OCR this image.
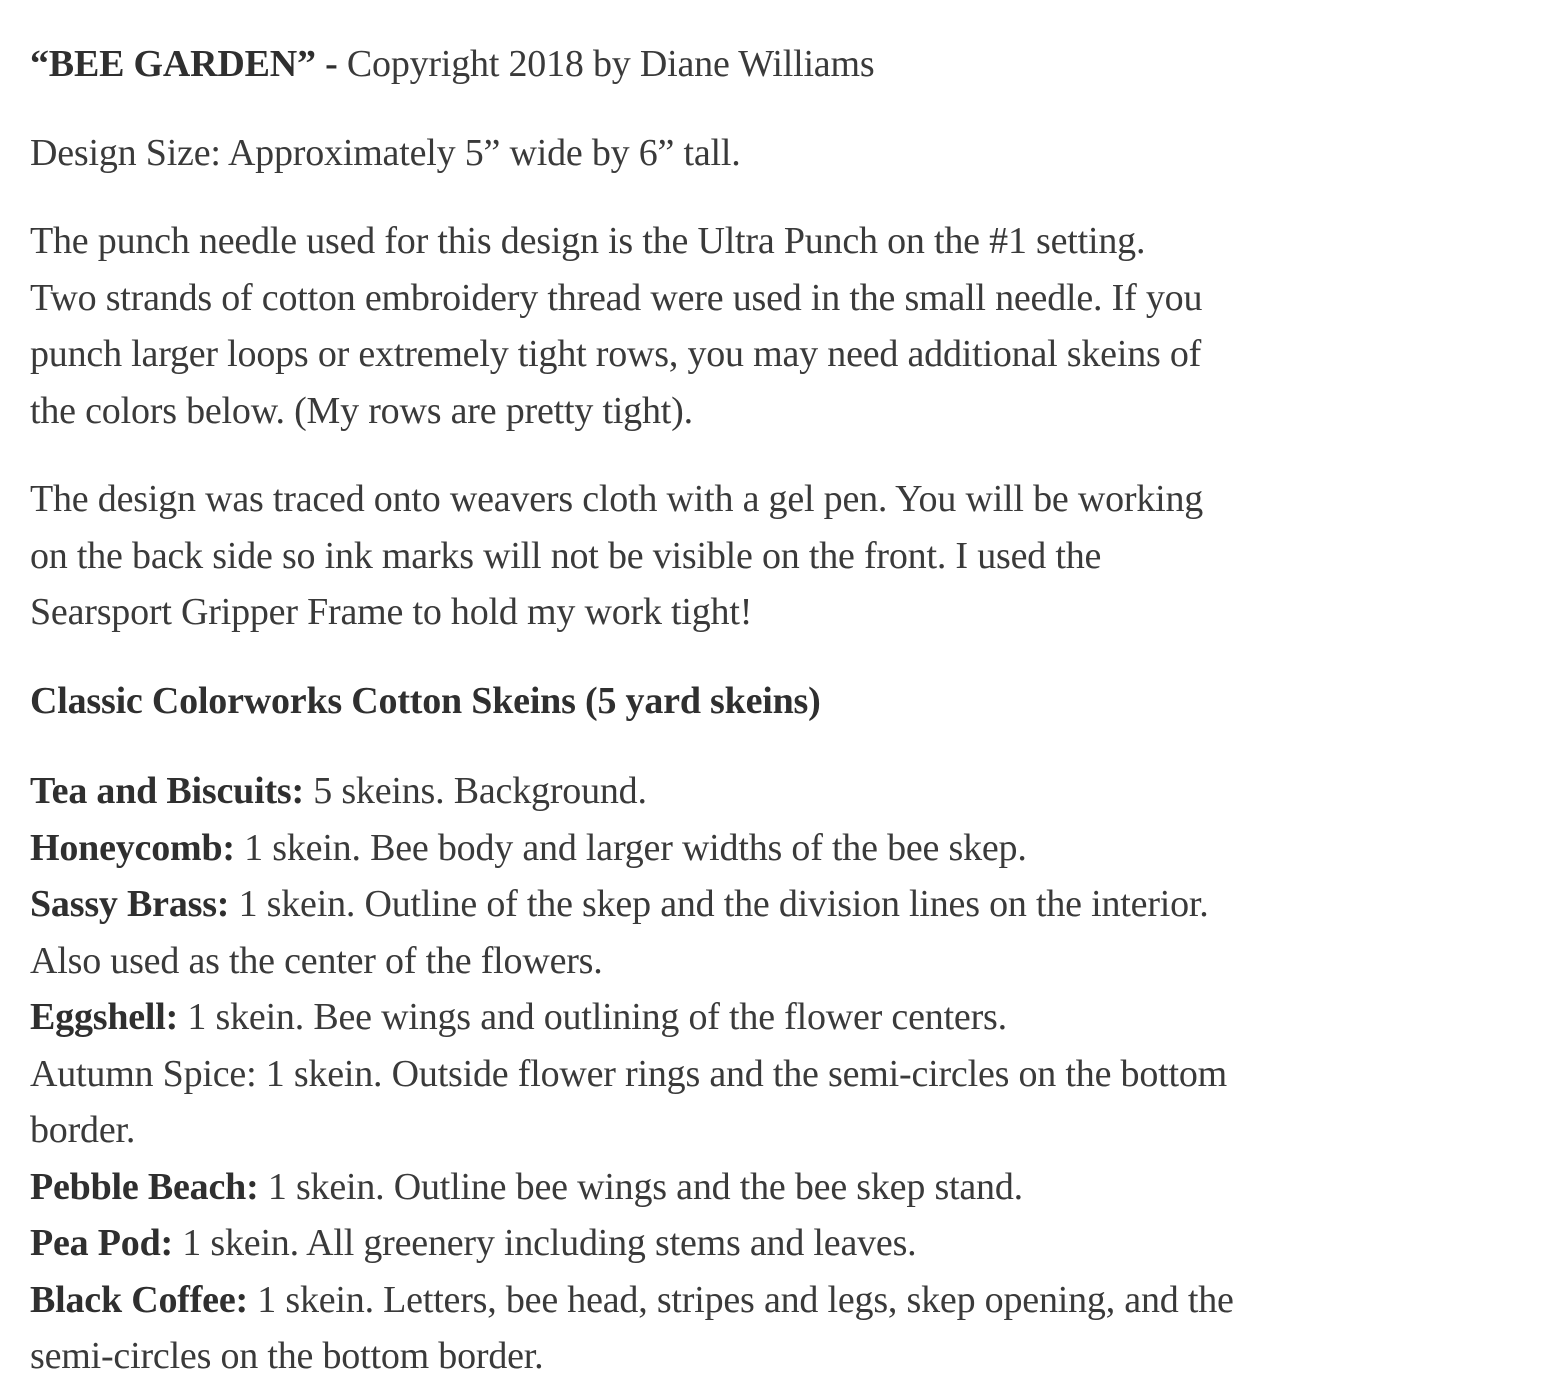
“BEE GARDEN” - Copyright 2018 by Diane Williams
Design Size: Approximately 5” wide by 6” tall.
The punch needle used for this design is the Ultra Punch on the #1 setting.
Two strands of cotton embroidery thread were used in the small needle. If you
punch larger loops or extremely tight rows, you may need additional skeins of
the colors below. (My rows are pretty tight).
The design was traced onto weavers cloth with a gel pen. You will be working
on the back side so ink marks will not be visible on the front. I used the
Searsport Gripper Frame to hold my work tight!
Classic Colorworks Cotton Skeins (5 yard skeins)
Tea and Biscuits: 5 skeins. Background.
Honeycomb: 1 skein. Bee body and larger widths of the bee skep.
Sassy Brass: 1 skein. Outline of the skep and the division lines on the interior.
Also used as the center of the flowers.
Eggshell: 1 skein. Bee wings and outlining of the flower centers.
Autumn Spice: 1 skein. Outside flower rings and the semi-circles on the bottom
border.
Pebble Beach: 1 skein. Outline bee wings and the bee skep stand.
Pea Pod: 1 skein. All greenery including stems and leaves.
Black Coffee: 1 skein. Letters, bee head, stripes and legs, skep opening, and the
semi-circles on the bottom border.
